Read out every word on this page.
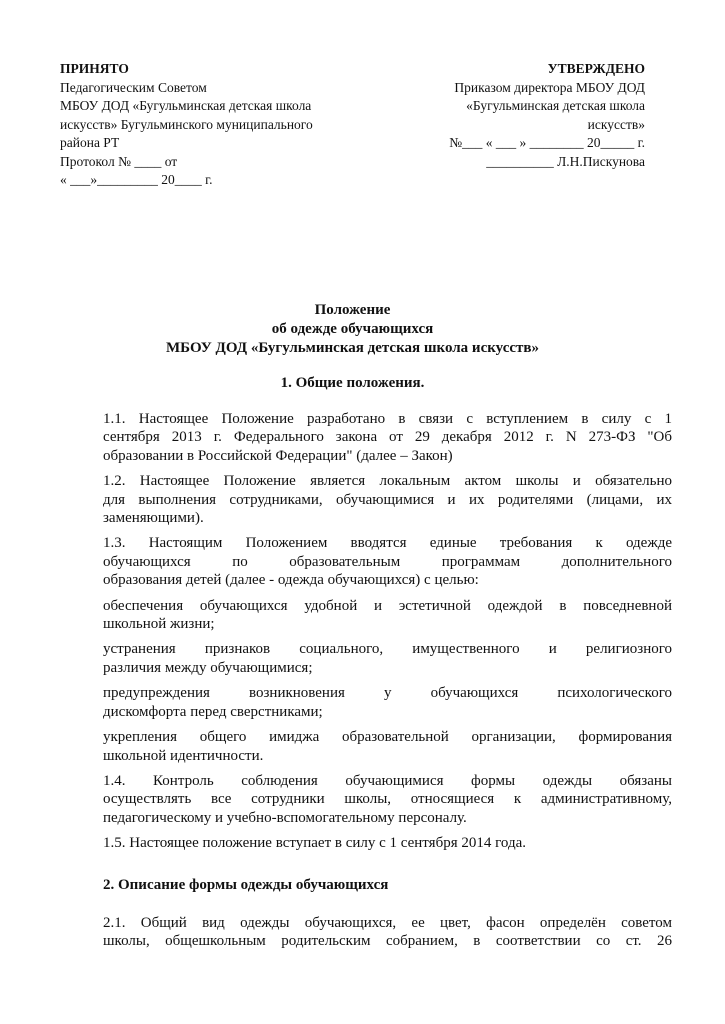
ПРИНЯТО
Педагогическим Советом
МБОУ ДОД «Бугульминская детская школа
искусств» Бугульминского муниципального
района РТ
Протокол № ____ от
« ___»_________ 20____ г.
УТВЕРЖДЕНО
Приказом директора МБОУ ДОД
«Бугульминская детская школа
искусств»
№___ « ___ » ________ 20_____ г.
__________ Л.Н.Пискунова
Положение
об одежде обучающихся
МБОУ ДОД «Бугульминская детская школа искусств»
1. Общие положения.
1.1. Настоящее Положение разработано в связи с вступлением в силу с 1
сентября 2013 г. Федерального закона от 29 декабря 2012 г. N 273-ФЗ "Об
образовании в Российской Федерации" (далее – Закон)
1.2. Настоящее Положение является локальным актом школы и обязательно
для выполнения сотрудниками, обучающимися и их родителями (лицами, их
заменяющими).
1.3. Настоящим Положением вводятся единые требования к одежде
обучающихся по образовательным программам дополнительного
образования детей (далее - одежда обучающихся) с целью:
обеспечения обучающихся удобной и эстетичной одеждой в повседневной
школьной жизни;
устранения признаков социального, имущественного и религиозного
различия между обучающимися;
предупреждения возникновения у обучающихся психологического
дискомфорта перед сверстниками;
укрепления общего имиджа образовательной организации, формирования
школьной идентичности.
1.4. Контроль соблюдения обучающимися формы одежды обязаны
осуществлять все сотрудники школы, относящиеся к административному,
педагогическому и учебно-вспомогательному персоналу.
1.5. Настоящее положение вступает в силу с 1 сентября 2014 года.
2. Описание формы одежды обучающихся
2.1. Общий вид одежды обучающихся, ее цвет, фасон определён советом
школы, общешкольным родительским собранием, в соответствии со ст. 26
